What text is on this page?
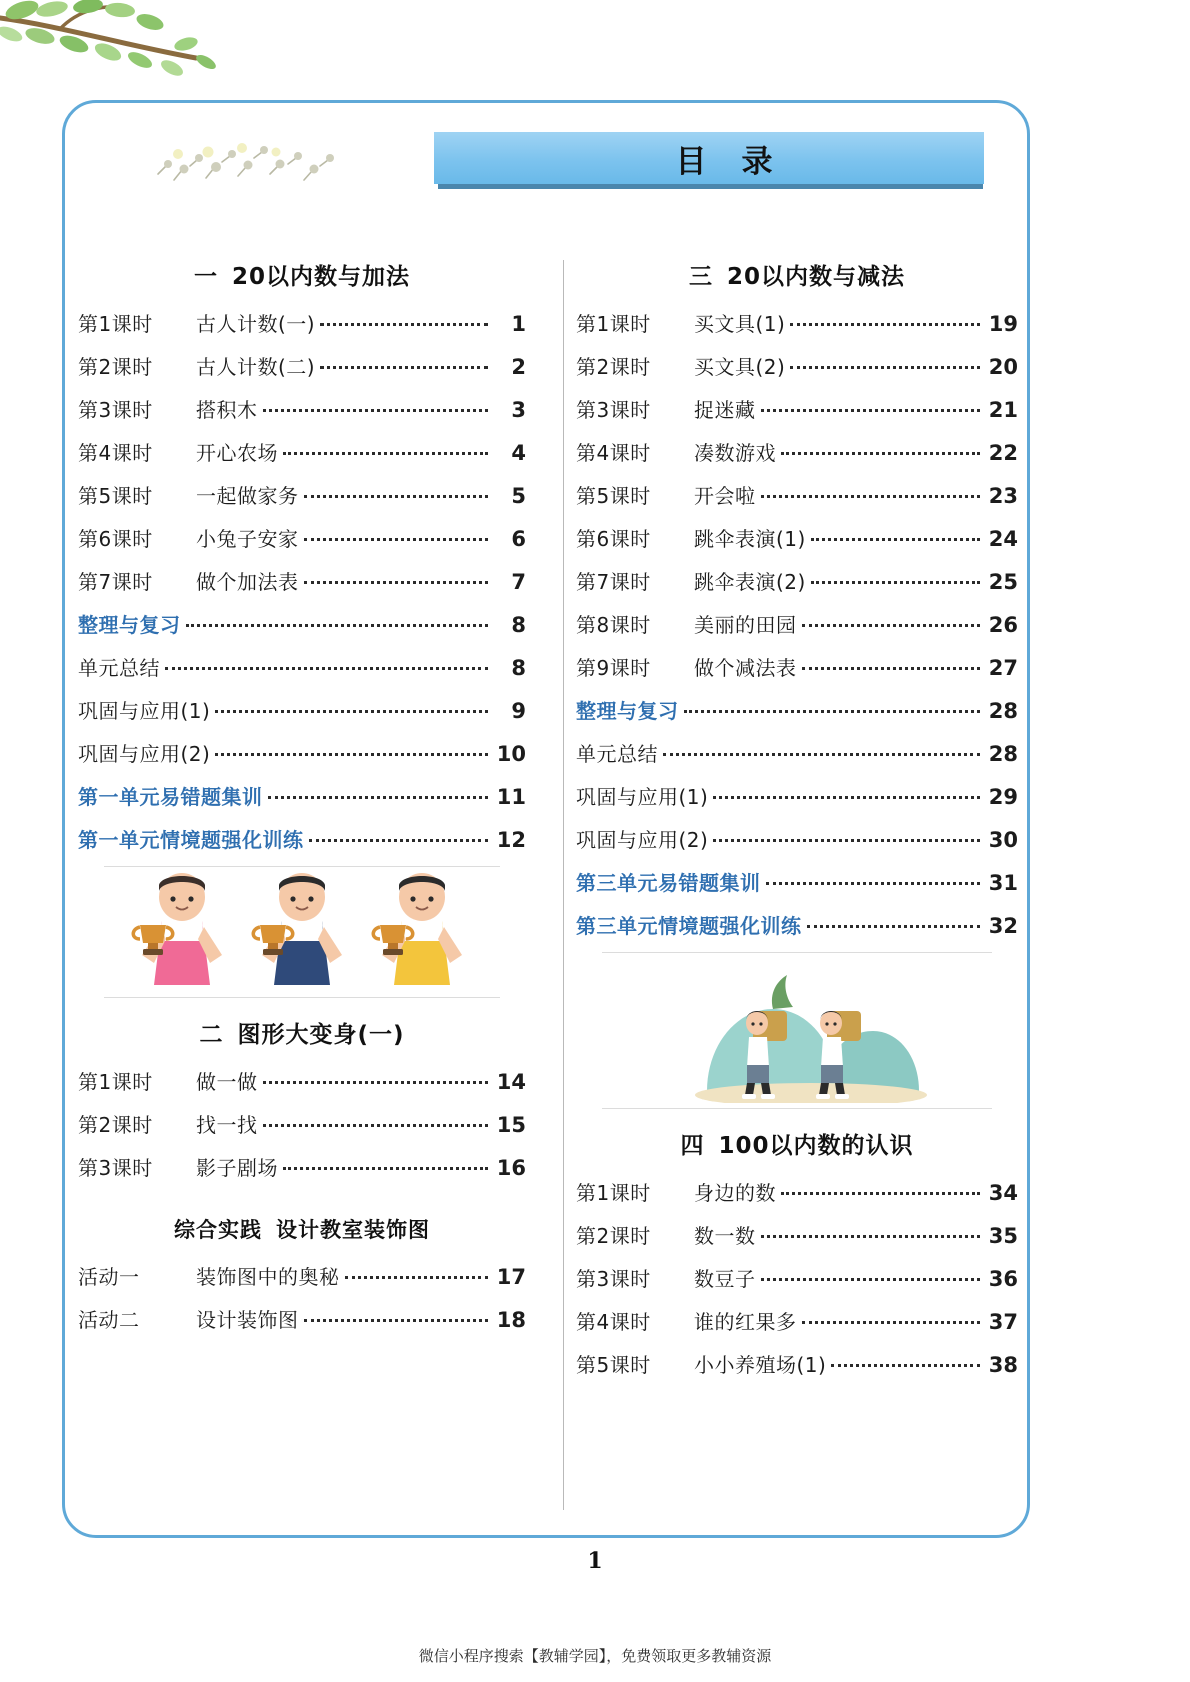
目　录
一 20以内数与加法
第1课时	古人计数(一)	1
第2课时	古人计数(二)	2
第3课时	搭积木	3
第4课时	开心农场	4
第5课时	一起做家务	5
第6课时	小兔子安家	6
第7课时	做个加法表	7
整理与复习	8
单元总结	8
巩固与应用(1)	9
巩固与应用(2)	10
第一单元易错题集训	11
第一单元情境题强化训练	12
二 图形大变身(一)
第1课时	做一做	14
第2课时	找一找	15
第3课时	影子剧场	16
综合实践 设计教室装饰图
活动一	装饰图中的奥秘	17
活动二	设计装饰图	18
三 20以内数与减法
第1课时	买文具(1)	19
第2课时	买文具(2)	20
第3课时	捉迷藏	21
第4课时	凑数游戏	22
第5课时	开会啦	23
第6课时	跳伞表演(1)	24
第7课时	跳伞表演(2)	25
第8课时	美丽的田园	26
第9课时	做个减法表	27
整理与复习	28
单元总结	28
巩固与应用(1)	29
巩固与应用(2)	30
第三单元易错题集训	31
第三单元情境题强化训练	32
四 100以内数的认识
第1课时	身边的数	34
第2课时	数一数	35
第3课时	数豆子	36
第4课时	谁的红果多	37
第5课时	小小养殖场(1)	38
1
微信小程序搜索【教辅学园】，免费领取更多教辅资源
